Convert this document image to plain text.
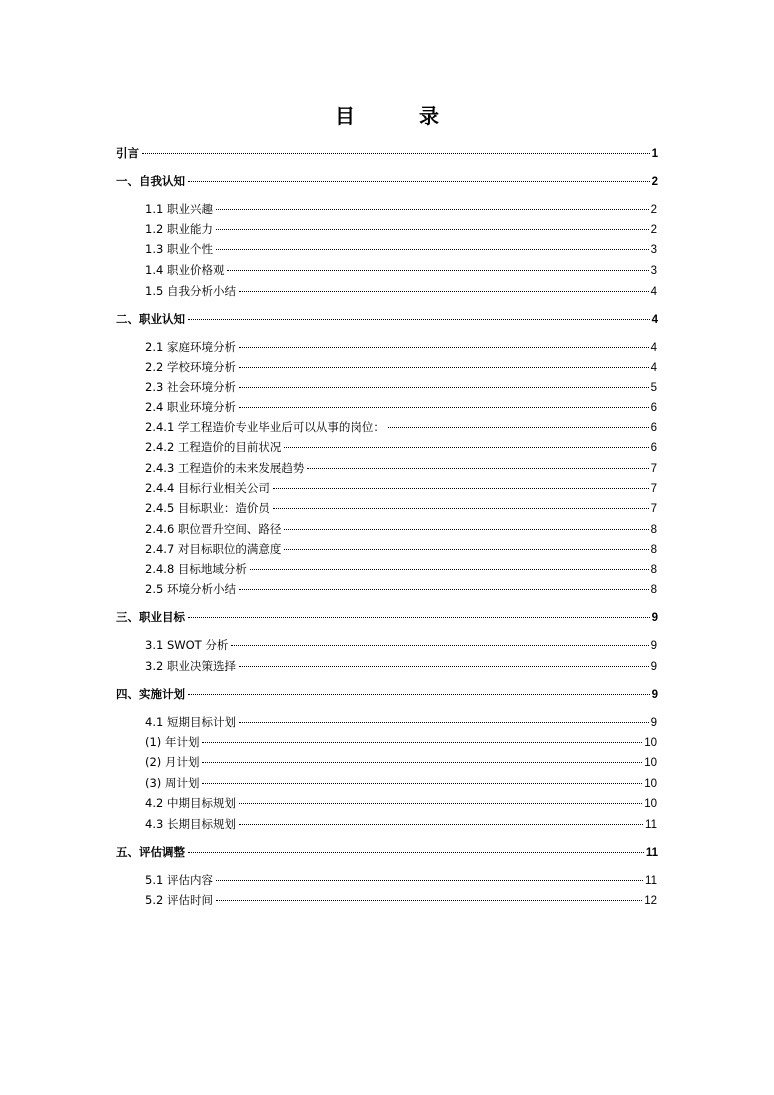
目　录
引言	1
一、自我认知	2
1.1 职业兴趣	2
1.2 职业能力	2
1.3 职业个性	3
1.4 职业价格观	3
1.5 自我分析小结	4
二、职业认知	4
2.1 家庭环境分析	4
2.2 学校环境分析	4
2.3 社会环境分析	5
2.4 职业环境分析	6
2.4.1 学工程造价专业毕业后可以从事的岗位：	6
2.4.2 工程造价的目前状况	6
2.4.3 工程造价的未来发展趋势	7
2.4.4 目标行业相关公司	7
2.4.5 目标职业：造价员	7
2.4.6 职位晋升空间、路径	8
2.4.7 对目标职位的满意度	8
2.4.8 目标地域分析	8
2.5 环境分析小结	8
三、职业目标	9
3.1 SWOT 分析	9
3.2 职业决策选择	9
四、实施计划	9
4.1 短期目标计划	9
(1) 年计划	10
(2) 月计划	10
(3) 周计划	10
4.2 中期目标规划	10
4.3 长期目标规划	11
五、评估调整	11
5.1 评估内容	11
5.2 评估时间	12
